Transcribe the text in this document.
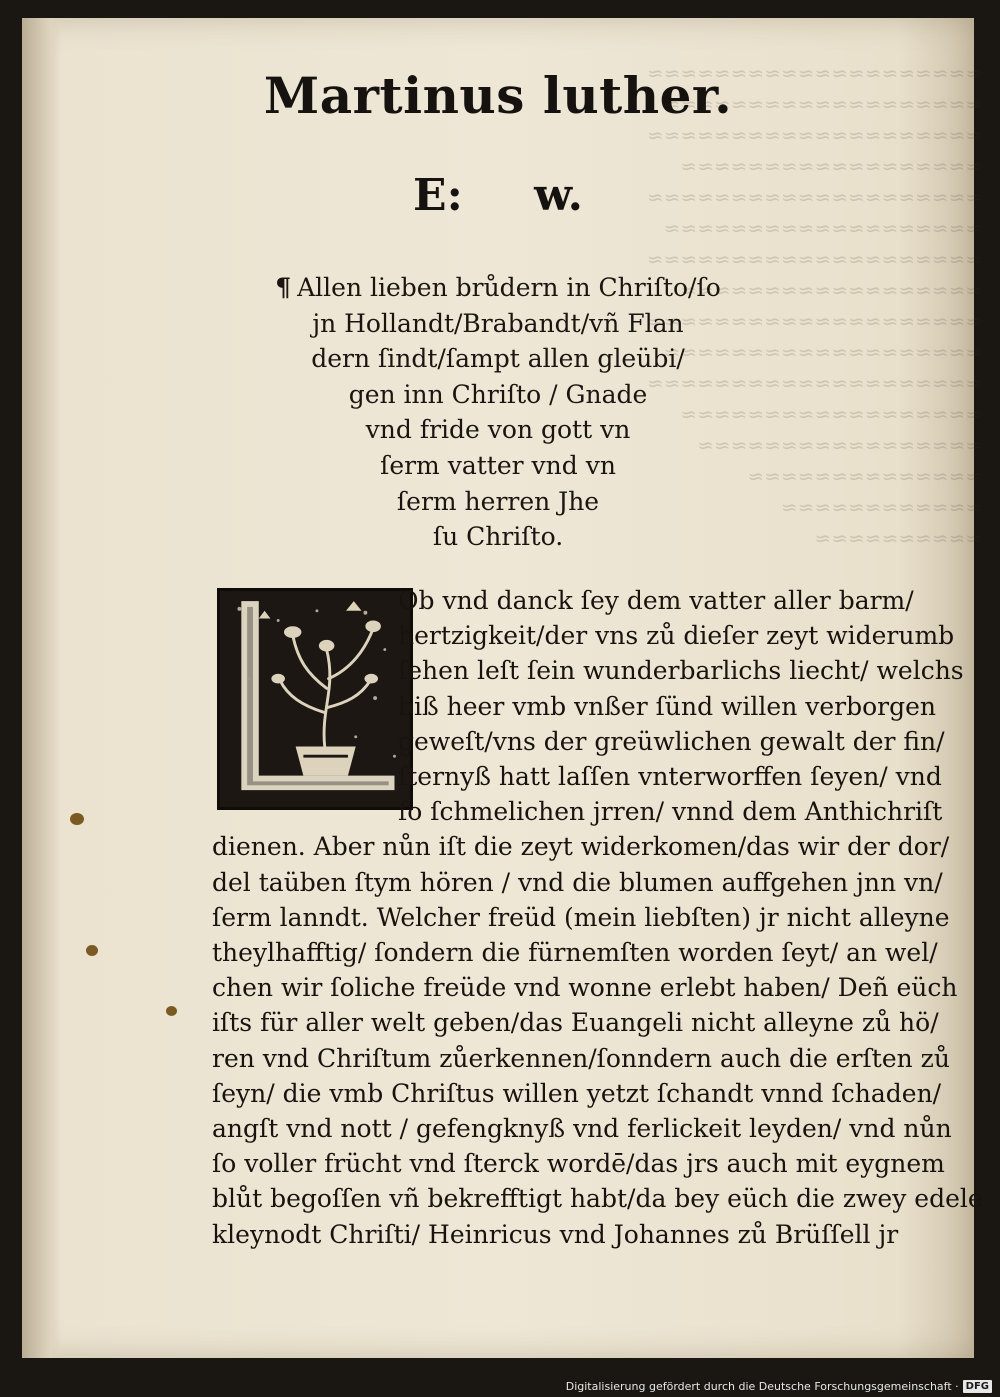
≈≈≈≈≈≈≈≈≈≈≈≈≈≈≈≈≈≈≈≈
≈≈≈≈≈≈≈≈≈≈≈≈≈≈≈≈≈≈≈
≈≈≈≈≈≈≈≈≈≈≈≈≈≈≈≈≈≈≈≈
≈≈≈≈≈≈≈≈≈≈≈≈≈≈≈≈≈≈
≈≈≈≈≈≈≈≈≈≈≈≈≈≈≈≈≈≈≈≈
≈≈≈≈≈≈≈≈≈≈≈≈≈≈≈≈≈≈≈
≈≈≈≈≈≈≈≈≈≈≈≈≈≈≈≈≈≈≈≈
≈≈≈≈≈≈≈≈≈≈≈≈≈≈≈≈≈≈
≈≈≈≈≈≈≈≈≈≈≈≈≈≈≈≈≈≈≈≈
≈≈≈≈≈≈≈≈≈≈≈≈≈≈≈≈≈≈≈
≈≈≈≈≈≈≈≈≈≈≈≈≈≈≈≈≈≈≈≈
≈≈≈≈≈≈≈≈≈≈≈≈≈≈≈≈≈≈
≈≈≈≈≈≈≈≈≈≈≈≈≈≈≈≈≈
≈≈≈≈≈≈≈≈≈≈≈≈≈≈
≈≈≈≈≈≈≈≈≈≈≈≈
≈≈≈≈≈≈≈≈≈≈
Martinus luther.
E: w.
¶ Allen lieben brůdern in Chriſto/ſo
jn Hollandt/Brabandt/vñ Flan
dern ſindt/ſampt allen gleübi/
gen inn Chriſto / Gnade
vnd fride von gott vn
ſerm vatter vnd vn
ſerm herren Jhe
ſu Chriſto.
Ob vnd danck ſey dem vatter aller barm/
hertzigkeit/der vns zů dieſer zeyt widerumb
ſehen leſt ſein wunderbarlichs liecht/ welchs
biß heer vmb vnßer ſünd willen verborgen
geweſt/vns der greüwlichen gewalt der fin/
ſternyß hatt laſſen vnterworffen ſeyen/ vnd
ſo ſchmelichen jrren/ vnnd dem Anthichriſt
dienen. Aber nůn iſt die zeyt widerkomen/das wir der dor/
del taüben ſtym hören / vnd die blumen auffgehen jnn vn/
ſerm lanndt. Welcher freüd (mein liebſten) jr nicht alleyne
theylhafftig/ ſondern die fürnemſten worden ſeyt/ an wel/
chen wir ſoliche freüde vnd wonne erlebt haben/ Deñ eüch
iſts für aller welt geben/das Euangeli nicht alleyne zů hö/
ren vnd Chriſtum zůerkennen/ſonndern auch die erſten zů
ſeyn/ die vmb Chriſtus willen yetzt ſchandt vnnd ſchaden/
angſt vnd nott / gefengknyß vnd ferlickeit leyden/ vnd nůn
ſo voller frücht vnd ſterck wordē/das jrs auch mit eygnem
blůt begoſſen vñ bekrefftigt habt/da bey eüch die zwey edele
kleynodt Chriſti/ Heinricus vnd Johannes zů Brüſſell jr
Digitalisierung gefördert durch die Deutsche Forschungsgemeinschaft · DFG
